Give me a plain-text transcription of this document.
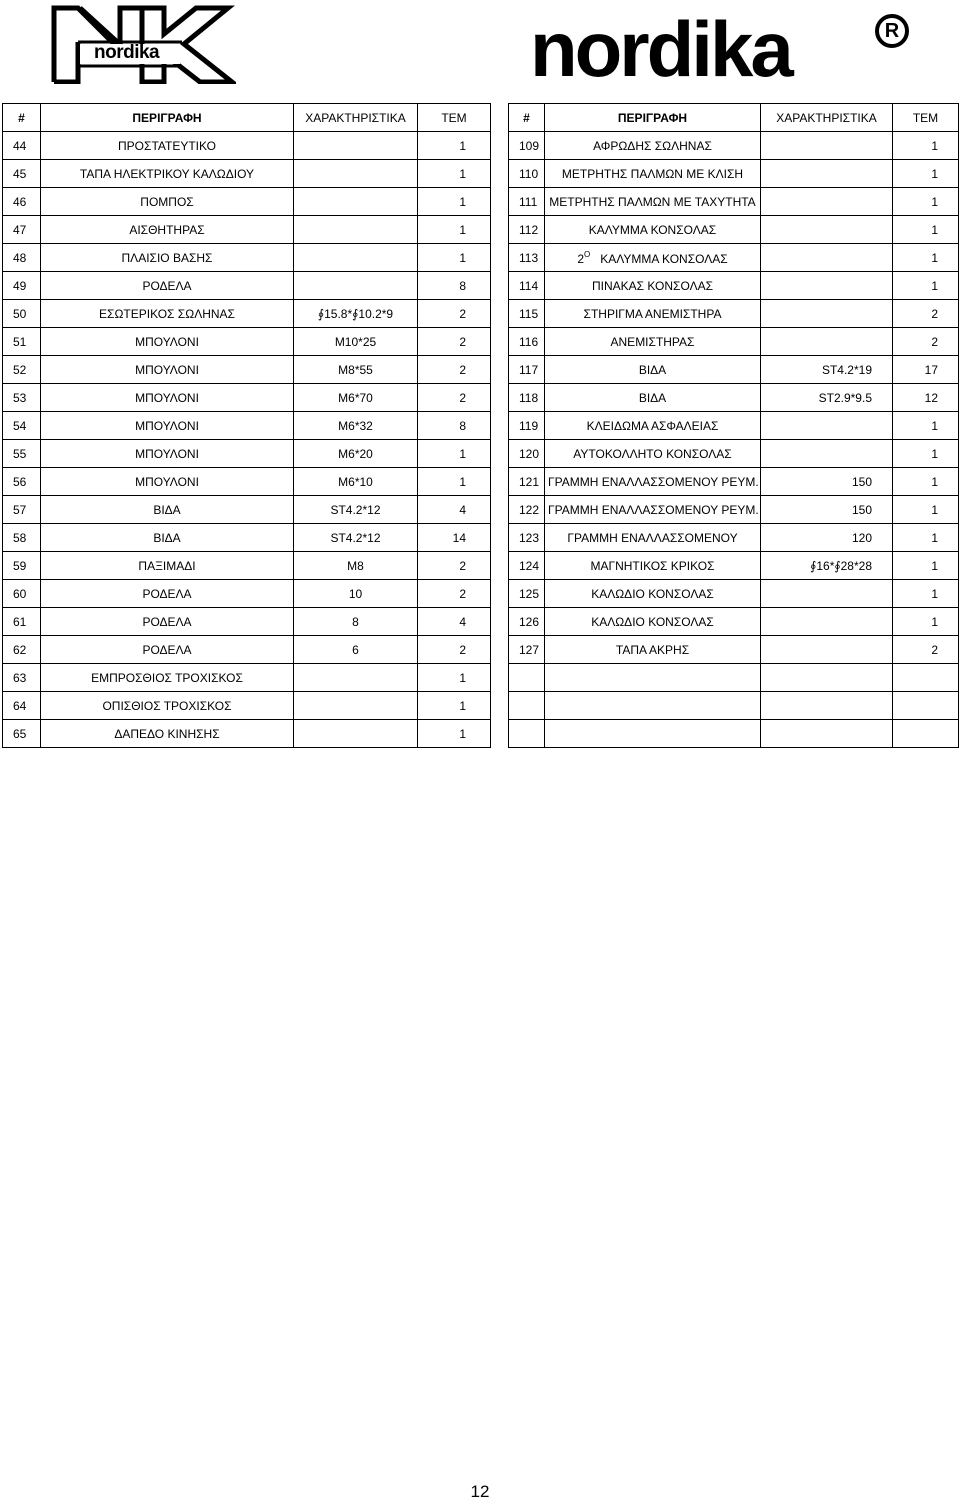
nordika	nordika	R
#	ΠΕΡΙΓΡΑΦΗ	ΧΑΡΑΚΤΗΡΙΣΤΙΚΑ	ΤΕΜ
44	ΠΡΟΣΤΑΤΕΥΤΙΚΟ		1
45	ΤΑΠΑ ΗΛΕΚΤΡΙΚΟΥ ΚΑΛΩΔΙΟΥ		1
46	ΠΟΜΠΟΣ		1
47	ΑΙΣΘΗΤΗΡΑΣ		1
48	ΠΛΑΙΣΙΟ ΒΑΣΗΣ		1
49	ΡΟΔΕΛΑ		8
50	ΕΣΩΤΕΡΙΚΟΣ ΣΩΛΗΝΑΣ	∮15.8*∮10.2*9	2
51	ΜΠΟΥΛΟΝΙ	M10*25	2
52	ΜΠΟΥΛΟΝΙ	M8*55	2
53	ΜΠΟΥΛΟΝΙ	M6*70	2
54	ΜΠΟΥΛΟΝΙ	M6*32	8
55	ΜΠΟΥΛΟΝΙ	M6*20	1
56	ΜΠΟΥΛΟΝΙ	M6*10	1
57	ΒΙΔΑ	ST4.2*12	4
58	ΒΙΔΑ	ST4.2*12	14
59	ΠΑΞΙΜΑΔΙ	M8	2
60	ΡΟΔΕΛΑ	10	2
61	ΡΟΔΕΛΑ	8	4
62	ΡΟΔΕΛΑ	6	2
63	ΕΜΠΡΟΣΘΙΟΣ ΤΡΟΧΙΣΚΟΣ		1
64	ΟΠΙΣΘΙΟΣ ΤΡΟΧΙΣΚΟΣ		1
65	ΔΑΠΕΔΟ ΚΙΝΗΣΗΣ		1
#	ΠΕΡΙΓΡΑΦΗ	ΧΑΡΑΚΤΗΡΙΣΤΙΚΑ	ΤΕΜ
109	ΑΦΡΩΔΗΣ ΣΩΛΗΝΑΣ		1
110	ΜΕΤΡΗΤΗΣ ΠΑΛΜΩΝ ΜΕ ΚΛΙΣΗ		1
111	ΜΕΤΡΗΤΗΣ ΠΑΛΜΩΝ ΜΕ ΤΑΧΥΤΗΤΑ		1
112	ΚΑΛΥΜΜΑ ΚΟΝΣΟΛΑΣ		1
113	$2^O$ ΚΑΛΥΜΜΑ ΚΟΝΣΟΛΑΣ		1
114	ΠΙΝΑΚΑΣ ΚΟΝΣΟΛΑΣ		1
115	ΣΤΗΡΙΓΜΑ ΑΝΕΜΙΣΤΗΡΑ		2
116	ΑΝΕΜΙΣΤΗΡΑΣ		2
117	ΒΙΔΑ	ST4.2*19	17
118	ΒΙΔΑ	ST2.9*9.5	12
119	ΚΛΕΙΔΩΜΑ ΑΣΦΑΛΕΙΑΣ		1
120	ΑΥΤΟΚΟΛΛΗΤΟ ΚΟΝΣΟΛΑΣ		1
121	ΓΡΑΜΜΗ ΕΝΑΛΛΑΣΣΟΜΕΝΟΥ ΡΕΥΜ.	150	1
122	ΓΡΑΜΜΗ ΕΝΑΛΛΑΣΣΟΜΕΝΟΥ ΡΕΥΜ.	150	1
123	ΓΡΑΜΜΗ ΕΝΑΛΛΑΣΣΟΜΕΝΟΥ	120	1
124	ΜΑΓΝΗΤΙΚΟΣ ΚΡΙΚΟΣ	∮16*∮28*28	1
125	ΚΑΛΩΔΙΟ ΚΟΝΣΟΛΑΣ		1
126	ΚΑΛΩΔΙΟ ΚΟΝΣΟΛΑΣ		1
127	ΤΑΠΑ ΑΚΡΗΣ		2

12
